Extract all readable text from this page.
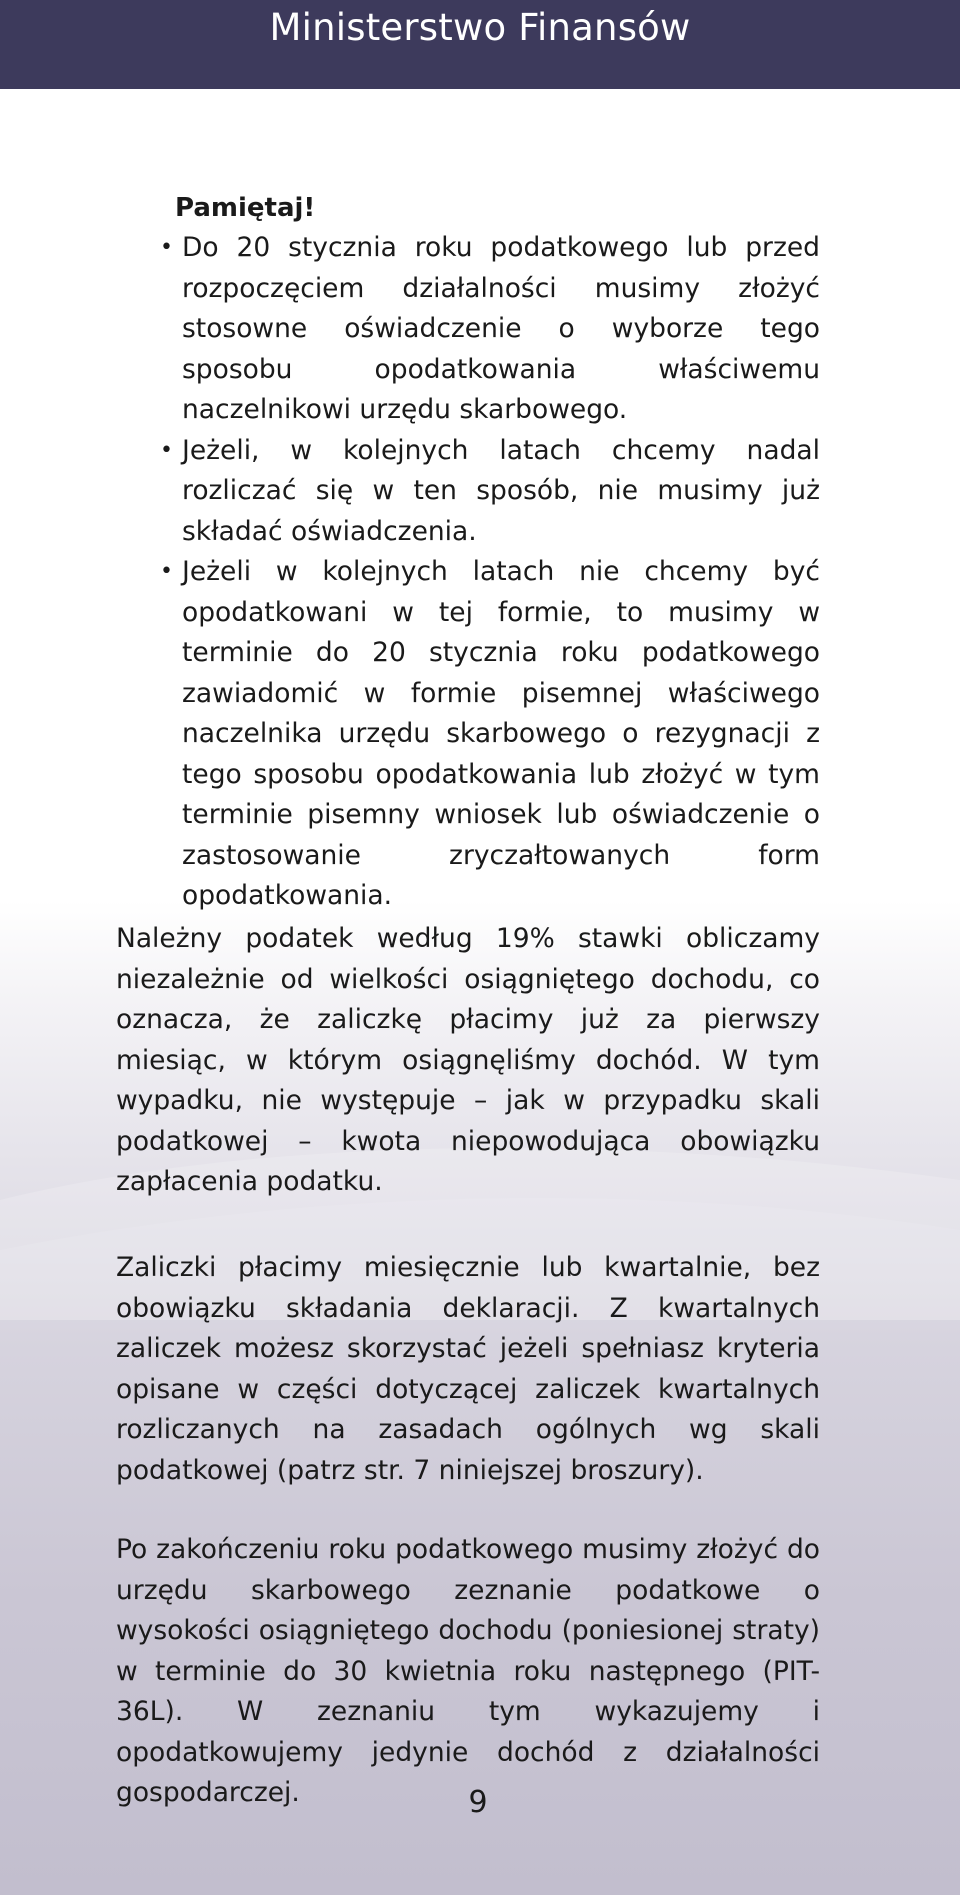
Ministerstwo Finansów
Pamiętaj!
• Do 20 stycznia roku podatkowego lub przed rozpoczęciem działalności musimy złożyć stosowne oświadczenie o wyborze tego sposobu opodatkowania właściwemu naczelnikowi urzędu skarbowego.
• Jeżeli, w kolejnych latach chcemy nadal rozliczać się w ten sposób, nie musimy już składać oświadczenia.
• Jeżeli w kolejnych latach nie chcemy być opodatkowani w tej formie, to musimy w terminie do 20 stycznia roku podatkowego zawiadomić w formie pisemnej właściwego naczelnika urzędu skarbowego o rezygnacji z tego sposobu opodatkowania lub złożyć w tym terminie pisemny wniosek lub oświadczenie o zastosowanie zryczałtowanych form opodatkowania.

Należny podatek według 19% stawki obliczamy niezależnie od wielkości osiągniętego dochodu, co oznacza, że zaliczkę płacimy już za pierwszy miesiąc, w którym osiągnęliśmy dochód. W tym wypadku, nie występuje – jak w przypadku skali podatkowej – kwota niepowodująca obowiązku zapłacenia podatku.

Zaliczki płacimy miesięcznie lub kwartalnie, bez obowiązku składania deklaracji. Z kwartalnych zaliczek możesz skorzystać jeżeli spełniasz kryteria opisane w części dotyczącej zaliczek kwartalnych rozliczanych na zasadach ogólnych wg skali podatkowej (patrz str. 7 niniejszej broszury).

Po zakończeniu roku podatkowego musimy złożyć do urzędu skarbowego zeznanie podatkowe o wysokości osiągniętego dochodu (poniesionej straty) w terminie do 30 kwietnia roku następnego (PIT-36L). W zeznaniu tym wykazujemy i opodatkowujemy jedynie dochód z działalności gospodarczej.	9
